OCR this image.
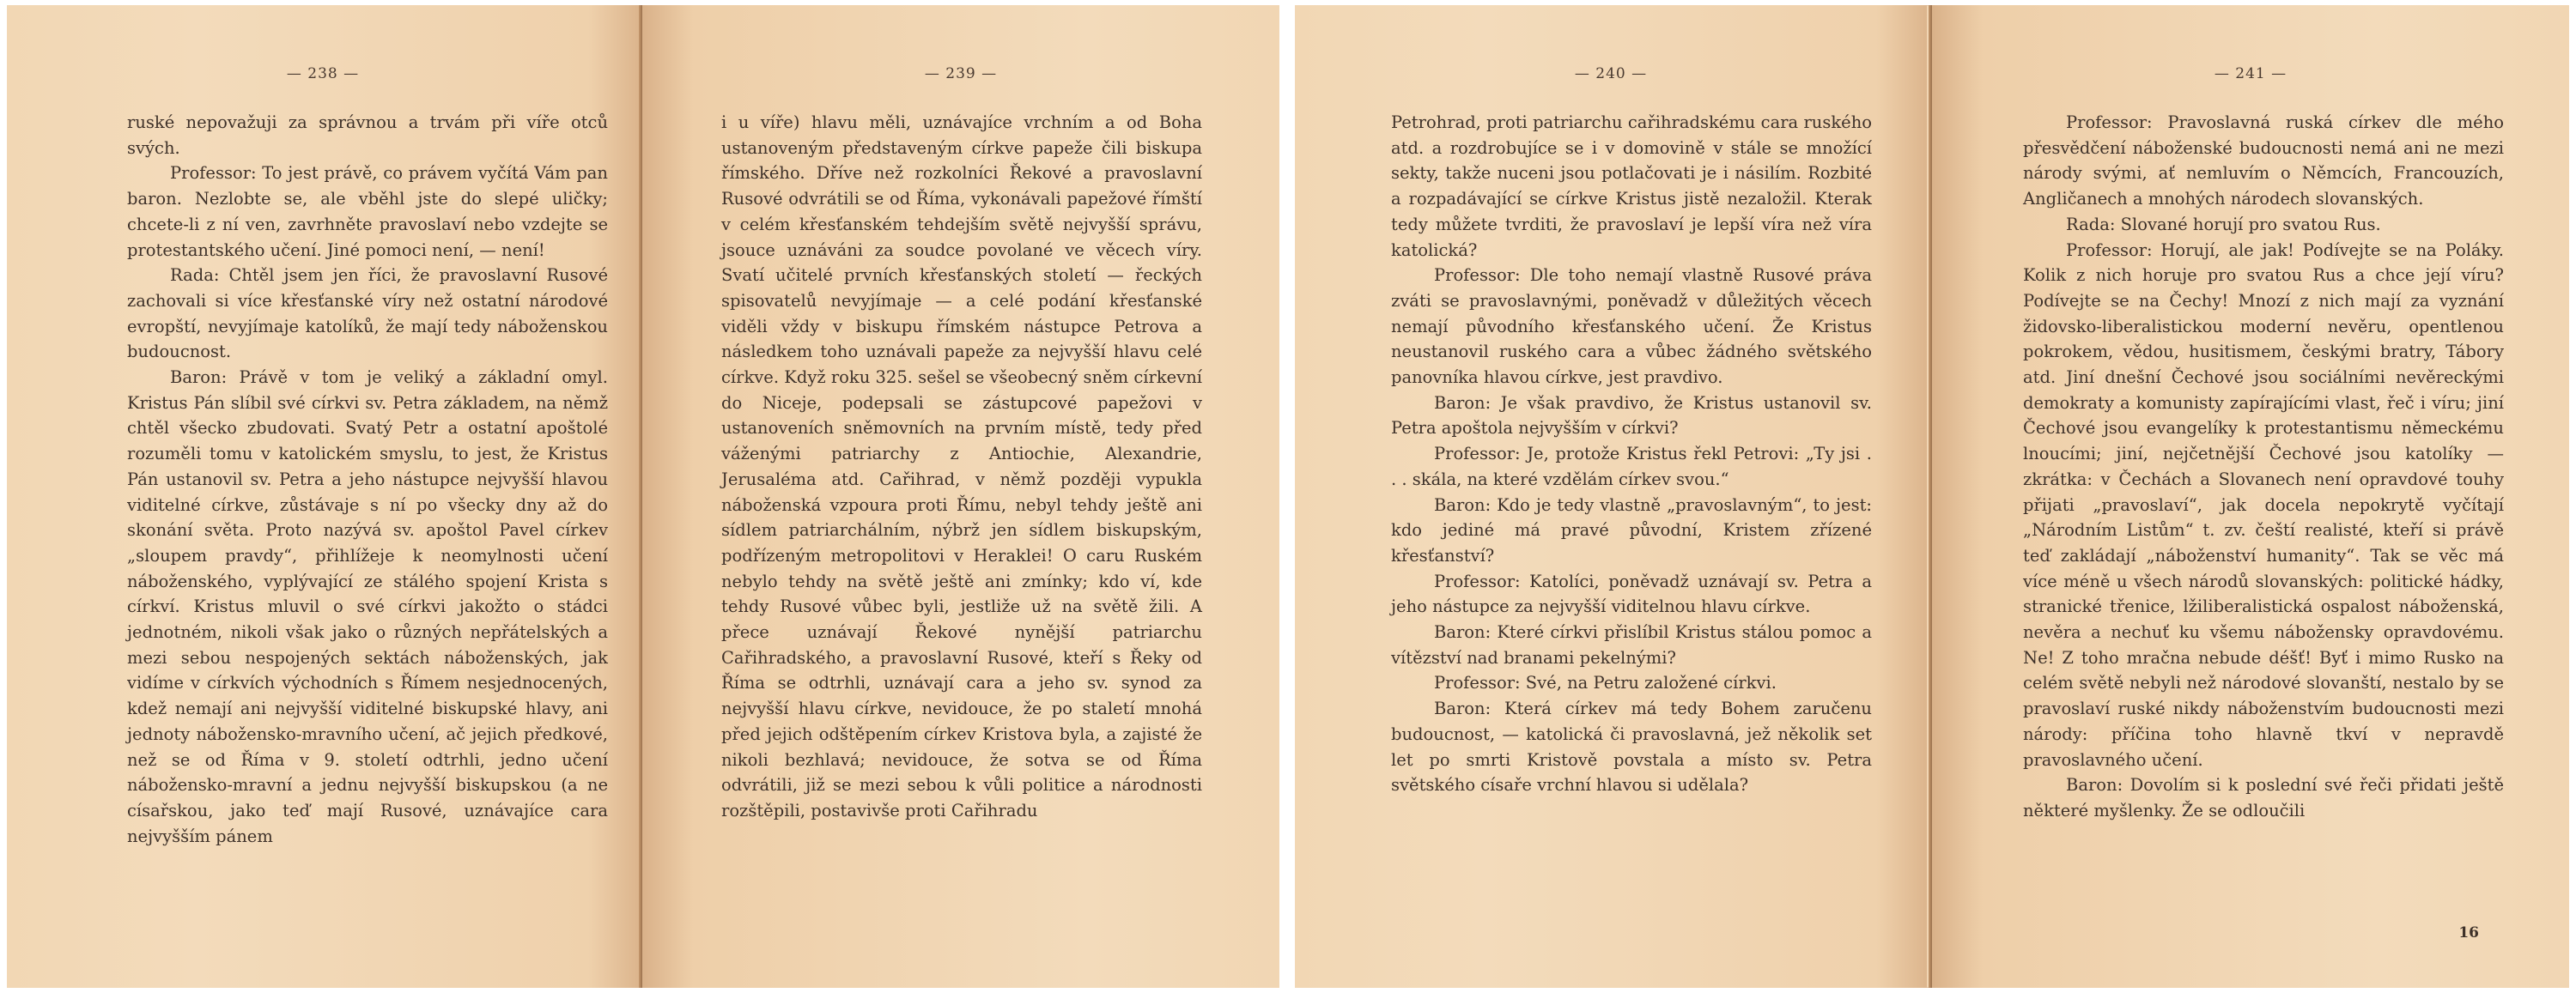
— 238 —

ruské nepovažuji za správnou a trvám při víře otců svých.

Professor: To jest právě, co právem vyčítá Vám pan baron. Nezlobte se, ale vběhl jste do slepé uličky; chcete-li z ní ven, zavrhněte pravoslaví nebo vzdejte se protestantského učení. Jiné pomoci není, — není!

Rada: Chtěl jsem jen říci, že pravoslavní Rusové zachovali si více křesťanské víry než ostatní národové evropští, nevyjímaje katolíků, že mají tedy náboženskou budoucnost.

Baron: Právě v tom je veliký a základní omyl. Kristus Pán slíbil své církvi sv. Petra základem, na němž chtěl všecko zbudovati. Svatý Petr a ostatní apoštolé rozuměli tomu v katolickém smyslu, to jest, že Kristus Pán ustanovil sv. Petra a jeho nástupce nejvyšší hlavou viditelné církve, zůstávaje s ní po všecky dny až do skonání světa. Proto nazývá sv. apoštol Pavel církev „sloupem pravdy“, přihlížeje k neomylnosti učení náboženského, vyplývající ze stálého spojení Krista s církví. Kristus mluvil o své církvi jakožto o stádci jednotném, nikoli však jako o různých nepřátelských a mezi sebou nespojených sektách náboženských, jak vidíme v církvích východních s Římem nesjednocených, kdež nemají ani nejvyšší viditelné biskupské hlavy, ani jednoty nábožensko-mravního učení, ač jejich předkové, než se od Říma v 9. století odtrhli, jedno učení nábožensko-mravní a jednu nejvyšší biskupskou (a ne císařskou, jako teď mají Rusové, uznávajíce cara nejvyšším pánem

— 239 —

i u víře) hlavu měli, uznávajíce vrchním a od Boha ustanoveným představeným církve papeže čili biskupa římského. Dříve než rozkolníci Řekové a pravoslavní Rusové odvrátili se od Říma, vykonávali papežové římští v celém křesťanském tehdejším světě nejvyšší správu, jsouce uznáváni za soudce povolané ve věcech víry. Svatí učitelé prvních křesťanských století — řeckých spisovatelů nevyjímaje — a celé podání křesťanské viděli vždy v biskupu římském nástupce Petrova a následkem toho uznávali papeže za nejvyšší hlavu celé církve. Když roku 325. sešel se všeobecný sněm církevní do Niceje, podepsali se zástupcové papežovi v ustanoveních sněmovních na prvním místě, tedy před váženými patriarchy z Antiochie, Alexandrie, Jerusaléma atd. Cařihrad, v němž později vypukla náboženská vzpoura proti Římu, nebyl tehdy ještě ani sídlem patriarchálním, nýbrž jen sídlem biskupským, podřízeným metropolitovi v Heraklei! O caru Ruském nebylo tehdy na světě ještě ani zmínky; kdo ví, kde tehdy Rusové vůbec byli, jestliže už na světě žili. A přece uznávají Řekové nynější patriarchu Cařihradského, a pravoslavní Rusové, kteří s Řeky od Říma se odtrhli, uznávají cara a jeho sv. synod za nejvyšší hlavu církve, nevidouce, že po staletí mnohá před jejich odštěpením církev Kristova byla, a zajisté že nikoli bezhlavá; nevidouce, že sotva se od Říma odvrátili, již se mezi sebou k vůli politice a národnosti rozštěpili, postavivše proti Cařihradu

— 240 —

Petrohrad, proti patriarchu cařihradskému cara ruského atd. a rozdrobujíce se i v domovině v stále se množící sekty, takže nuceni jsou potlačovati je i násilím. Rozbité a rozpadávající se církve Kristus jistě nezaložil. Kterak tedy můžete tvrditi, že pravoslaví je lepší víra než víra katolická?

Professor: Dle toho nemají vlastně Rusové práva zváti se pravoslavnými, poněvadž v důležitých věcech nemají původního křesťanského učení. Že Kristus neustanovil ruského cara a vůbec žádného světského panovníka hlavou církve, jest pravdivo.

Baron: Je však pravdivo, že Kristus ustanovil sv. Petra apoštola nejvyšším v církvi?

Professor: Je, protože Kristus řekl Petrovi: „Ty jsi . . . skála, na které vzdělám církev svou.“

Baron: Kdo je tedy vlastně „pravoslavným“, to jest: kdo jediné má pravé původní, Kristem zřízené křesťanství?

Professor: Katolíci, poněvadž uznávají sv. Petra a jeho nástupce za nejvyšší viditelnou hlavu církve.

Baron: Které církvi přislíbil Kristus stálou pomoc a vítězství nad branami pekelnými?

Professor: Své, na Petru založené církvi.

Baron: Která církev má tedy Bohem zaručenu budoucnost, — katolická či pravoslavná, jež několik set let po smrti Kristově povstala a místo sv. Petra světského císaře vrchní hlavou si udělala?

— 241 —

Professor: Pravoslavná ruská církev dle mého přesvědčení náboženské budoucnosti nemá ani ne mezi národy svými, ať nemluvím o Němcích, Francouzích, Angličanech a mnohých národech slovanských.

Rada: Slované horují pro svatou Rus.

Professor: Horují, ale jak! Podívejte se na Poláky. Kolik z nich horuje pro svatou Rus a chce její víru? Podívejte se na Čechy! Mnozí z nich mají za vyznání židovsko-liberalistickou moderní nevěru, opentlenou pokrokem, vědou, husitismem, českými bratry, Tábory atd. Jiní dnešní Čechové jsou sociálními nevěreckými demokraty a komunisty zapírajícími vlast, řeč i víru; jiní Čechové jsou evangelíky k protestantismu německému lnoucími; jiní, nejčetnější Čechové jsou katolíky — zkrátka: v Čechách a Slovanech není opravdové touhy přijati „pravoslaví“, jak docela nepokrytě vyčítají „Národním Listům“ t. zv. čeští realisté, kteří si právě teď zakládají „náboženství humanity“. Tak se věc má více méně u všech národů slovanských: politické hádky, stranické třenice, lžiliberalistická ospalost náboženská, nevěra a nechuť ku všemu nábožensky opravdovému. Ne! Z toho mračna nebude déšť! Byť i mimo Rusko na celém světě nebyli než národové slovanští, nestalo by se pravoslaví ruské nikdy náboženstvím budoucnosti mezi národy: příčina toho hlavně tkví v nepravdě pravoslavného učení.

Baron: Dovolím si k poslední své řeči přidati ještě některé myšlenky. Že se odloučili

16
